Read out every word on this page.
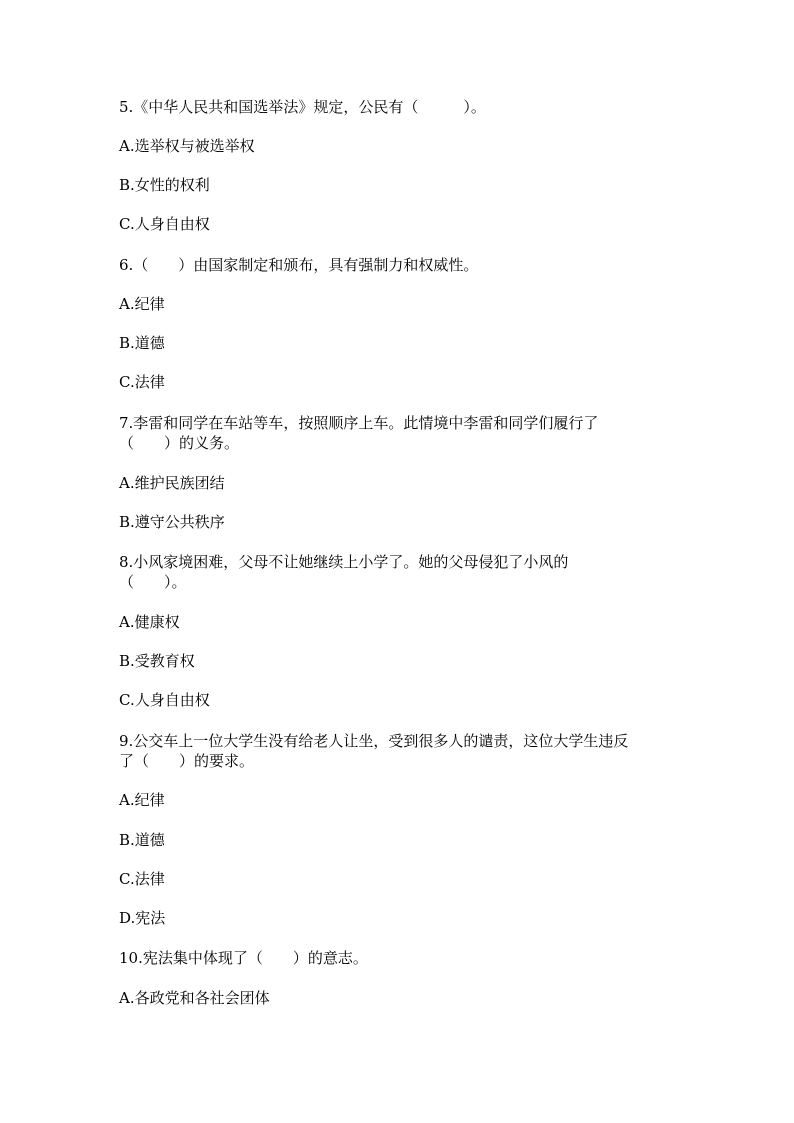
5.《中华人民共和国选举法》规定，公民有（　　　）。
A.选举权与被选举权
B.女性的权利
C.人身自由权
6.（　　）由国家制定和颁布，具有强制力和权威性。
A.纪律
B.道德
C.法律
7.李雷和同学在车站等车，按照顺序上车。此情境中李雷和同学们履行了
（　　）的义务。
A.维护民族团结
B.遵守公共秩序
8.小风家境困难，父母不让她继续上小学了。她的父母侵犯了小风的
（　　）。
A.健康权
B.受教育权
C.人身自由权
9.公交车上一位大学生没有给老人让坐，受到很多人的谴责，这位大学生违反
了（　　）的要求。
A.纪律
B.道德
C.法律
D.宪法
10.宪法集中体现了（　　）的意志。
A.各政党和各社会团体
